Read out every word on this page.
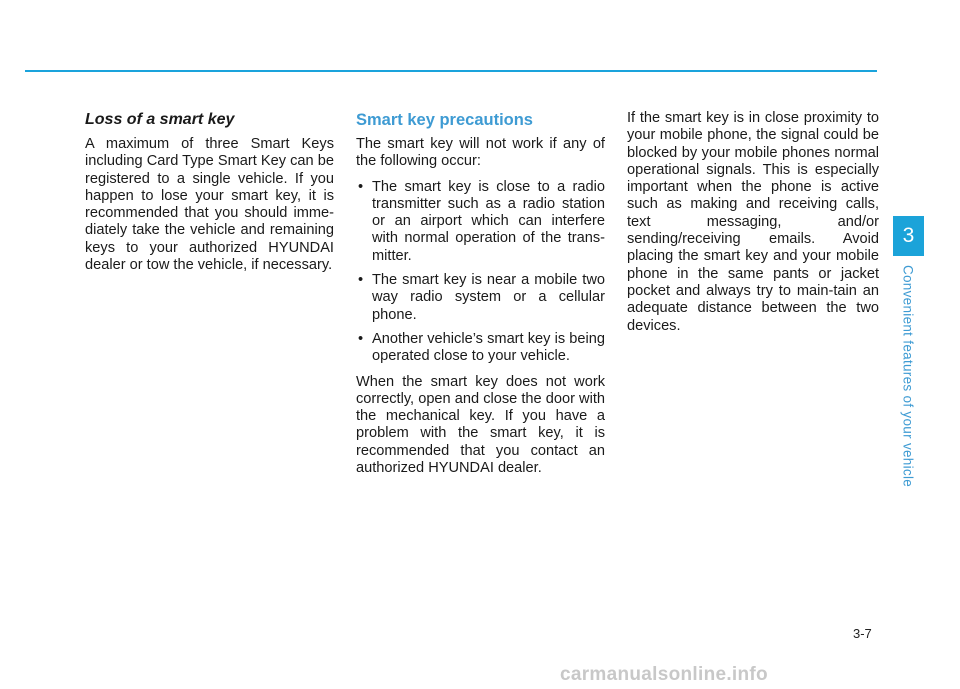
Loss of a smart key

A maximum of three Smart Keys including Card Type Smart Key can be registered to a single vehicle. If you happen to lose your smart key, it is recommended that you should imme-diately take the vehicle and remaining keys to your authorized HYUNDAI dealer or tow the vehicle, if necessary.

Smart key precautions

The smart key will not work if any of the following occur:

• The smart key is close to a radio transmitter such as a radio station or an airport which can interfere with normal operation of the trans-mitter.
• The smart key is near a mobile two way radio system or a cellular phone.
• Another vehicle’s smart key is being operated close to your vehicle.

When the smart key does not work correctly, open and close the door with the mechanical key. If you have a problem with the smart key, it is recommended that you contact an authorized HYUNDAI dealer.

If the smart key is in close proximity to your mobile phone, the signal could be blocked by your mobile phones normal operational signals. This is especially important when the phone is active such as making and receiving calls, text messaging, and/or sending/receiving emails. Avoid placing the smart key and your mobile phone in the same pants or jacket pocket and always try to main-tain an adequate distance between the two devices.

3
Convenient features of your vehicle
3-7
carmanualsonline.info
